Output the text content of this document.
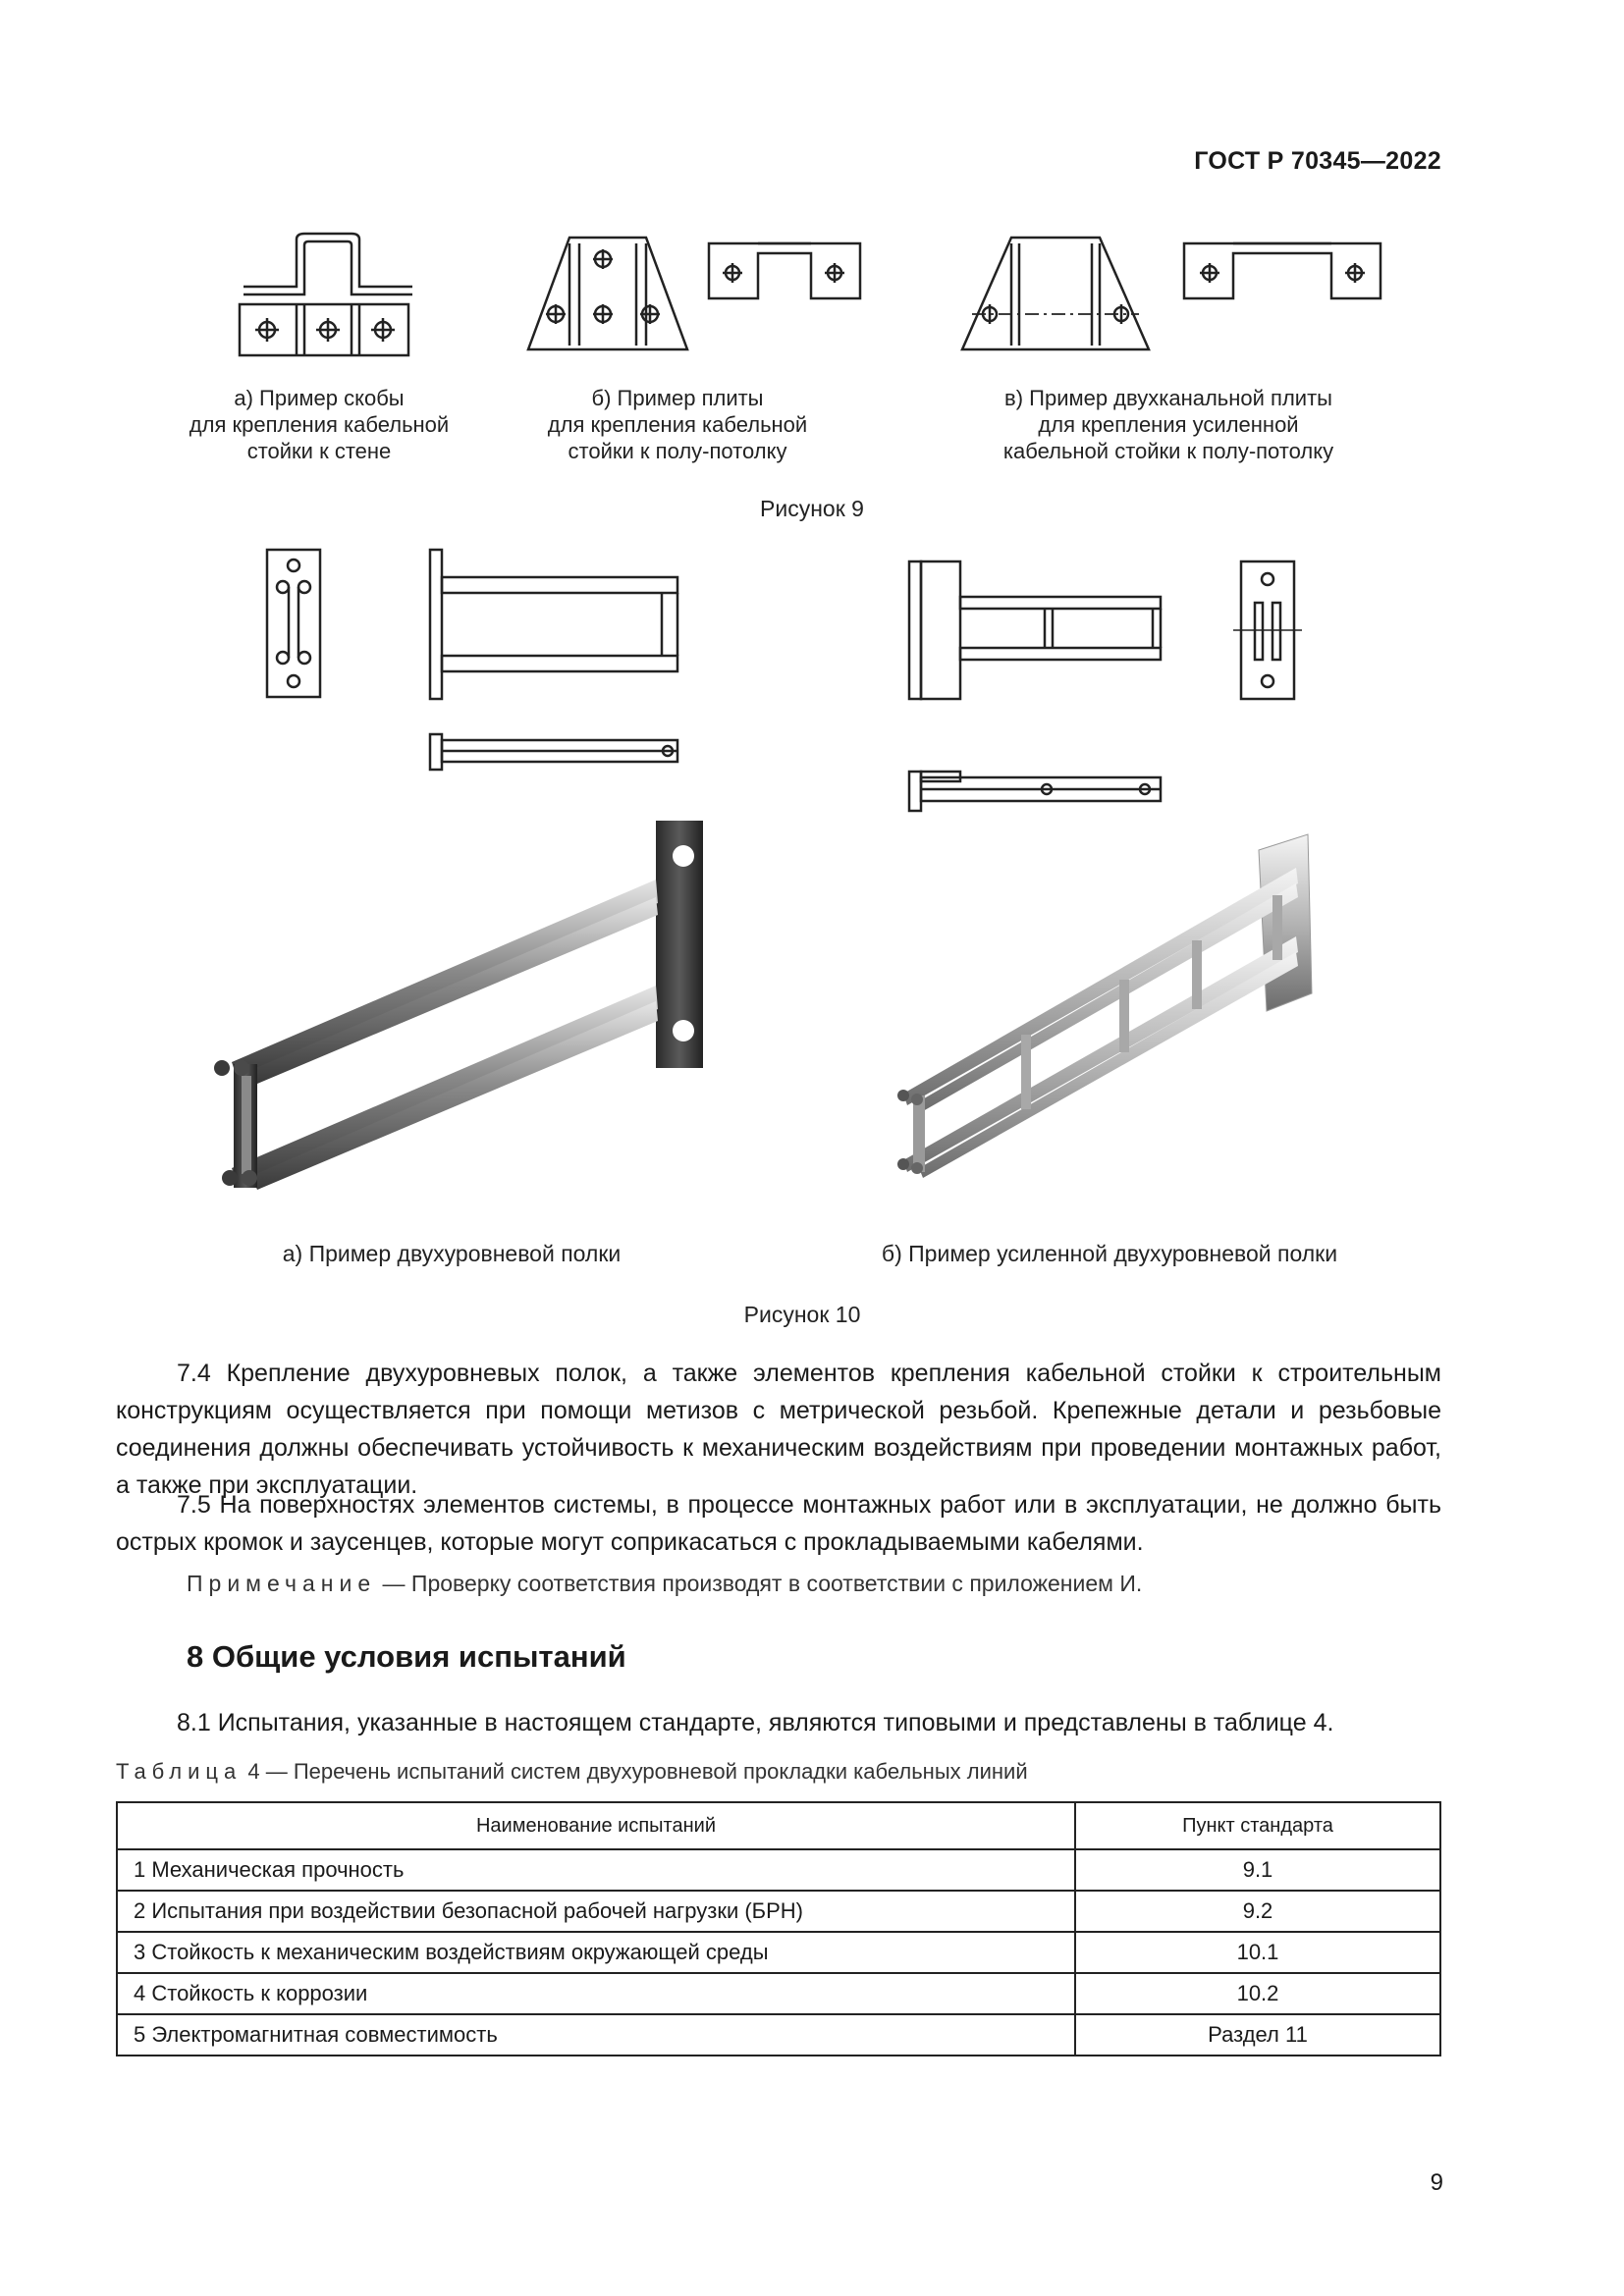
ГОСТ Р 70345—2022
а) Пример скобы
для крепления кабельной
стойки к стене
б) Пример плиты
для крепления кабельной
стойки к полу-потолку
в) Пример двухканальной плиты
для крепления усиленной
кабельной стойки к полу-потолку
Рисунок 9
а) Пример двухуровневой полки	б) Пример усиленной двухуровневой полки
Рисунок 10
7.4 Крепление двухуровневых полок, а также элементов крепления кабельной стойки к строительным конструкциям осуществляется при помощи метизов с метрической резьбой. Крепежные детали и резьбовые соединения должны обеспечивать устойчивость к механическим воздействиям при проведении монтажных работ, а также при эксплуатации.
7.5 На поверхностях элементов системы, в процессе монтажных работ или в эксплуатации, не должно быть острых кромок и заусенцев, которые могут соприкасаться с прокладываемыми кабелями.
Примечание — Проверку соответствия производят в соответствии с приложением И.
8 Общие условия испытаний
8.1 Испытания, указанные в настоящем стандарте, являются типовыми и представлены в таблице 4.
Таблица 4 — Перечень испытаний систем двухуровневой прокладки кабельных линий
Наименование испытаний	Пункт стандарта
1 Механическая прочность	9.1
2 Испытания при воздействии безопасной рабочей нагрузки (БРН)	9.2
3 Стойкость к механическим воздействиям окружающей среды	10.1
4 Стойкость к коррозии	10.2
5 Электромагнитная совместимость	Раздел 11
9
